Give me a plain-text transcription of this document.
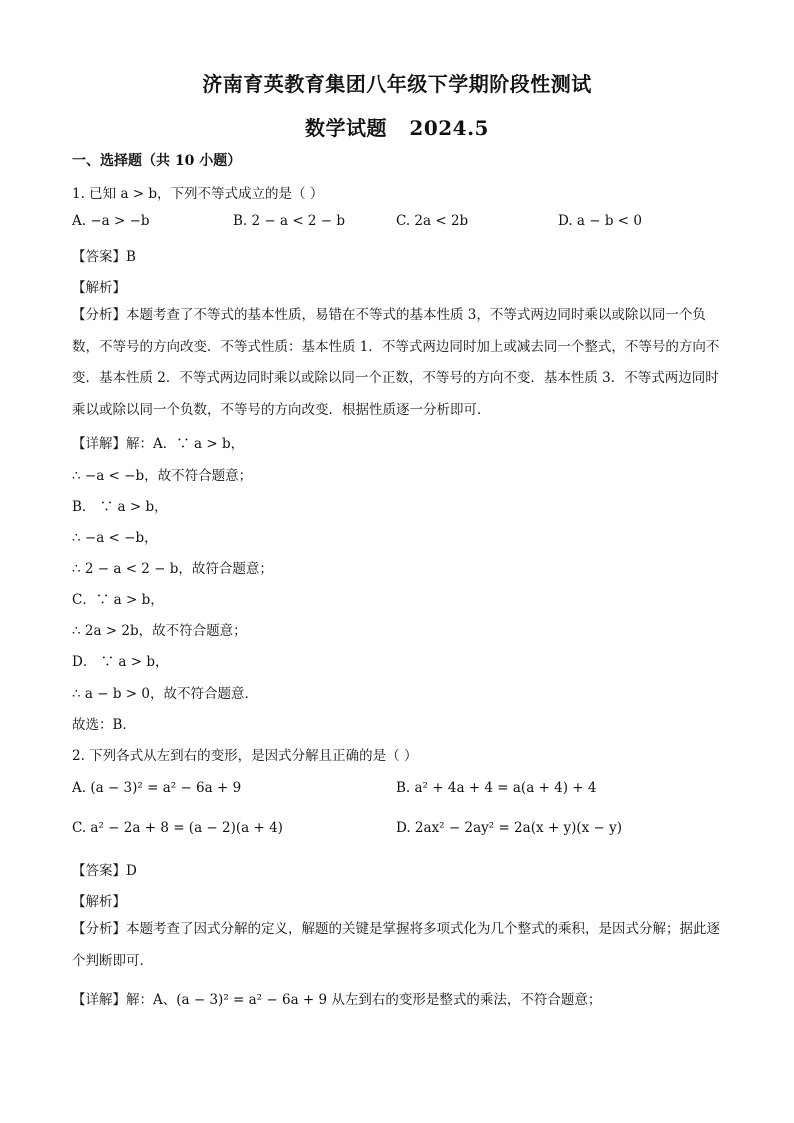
济南育英教育集团八年级下学期阶段性测试
数学试题   2024.5
一、选择题（共 10 小题）
1. 已知 a > b，下列不等式成立的是（ ）
A. −a > −b	B. 2 − a < 2 − b	C. 2a < 2b	D. a − b < 0
【答案】B
【解析】
【分析】本题考查了不等式的基本性质，易错在不等式的基本性质 3，不等式两边同时乘以或除以同一个负数，不等号的方向改变．不等式性质：基本性质 1．不等式两边同时加上或减去同一个整式，不等号的方向不变．基本性质 2．不等式两边同时乘以或除以同一个正数，不等号的方向不变．基本性质 3．不等式两边同时乘以或除以同一个负数，不等号的方向改变．根据性质逐一分析即可．
【详解】解：A．∵ a > b，
∴ −a < −b，故不符合题意；
B． ∵ a > b，
∴ −a < −b，
∴ 2 − a < 2 − b，故符合题意；
C．∵ a > b，
∴ 2a > 2b，故不符合题意；
D． ∵ a > b，
∴ a − b > 0，故不符合题意．
故选：B．
2. 下列各式从左到右的变形，是因式分解且正确的是（ ）
A. (a − 3)² = a² − 6a + 9	B. a² + 4a + 4 = a(a + 4) + 4
C. a² − 2a + 8 = (a − 2)(a + 4)	D. 2ax² − 2ay² = 2a(x + y)(x − y)
【答案】D
【解析】
【分析】本题考查了因式分解的定义，解题的关键是掌握将多项式化为几个整式的乘积，是因式分解；据此逐个判断即可．
【详解】解：A、(a − 3)² = a² − 6a + 9 从左到右的变形是整式的乘法，不符合题意；
